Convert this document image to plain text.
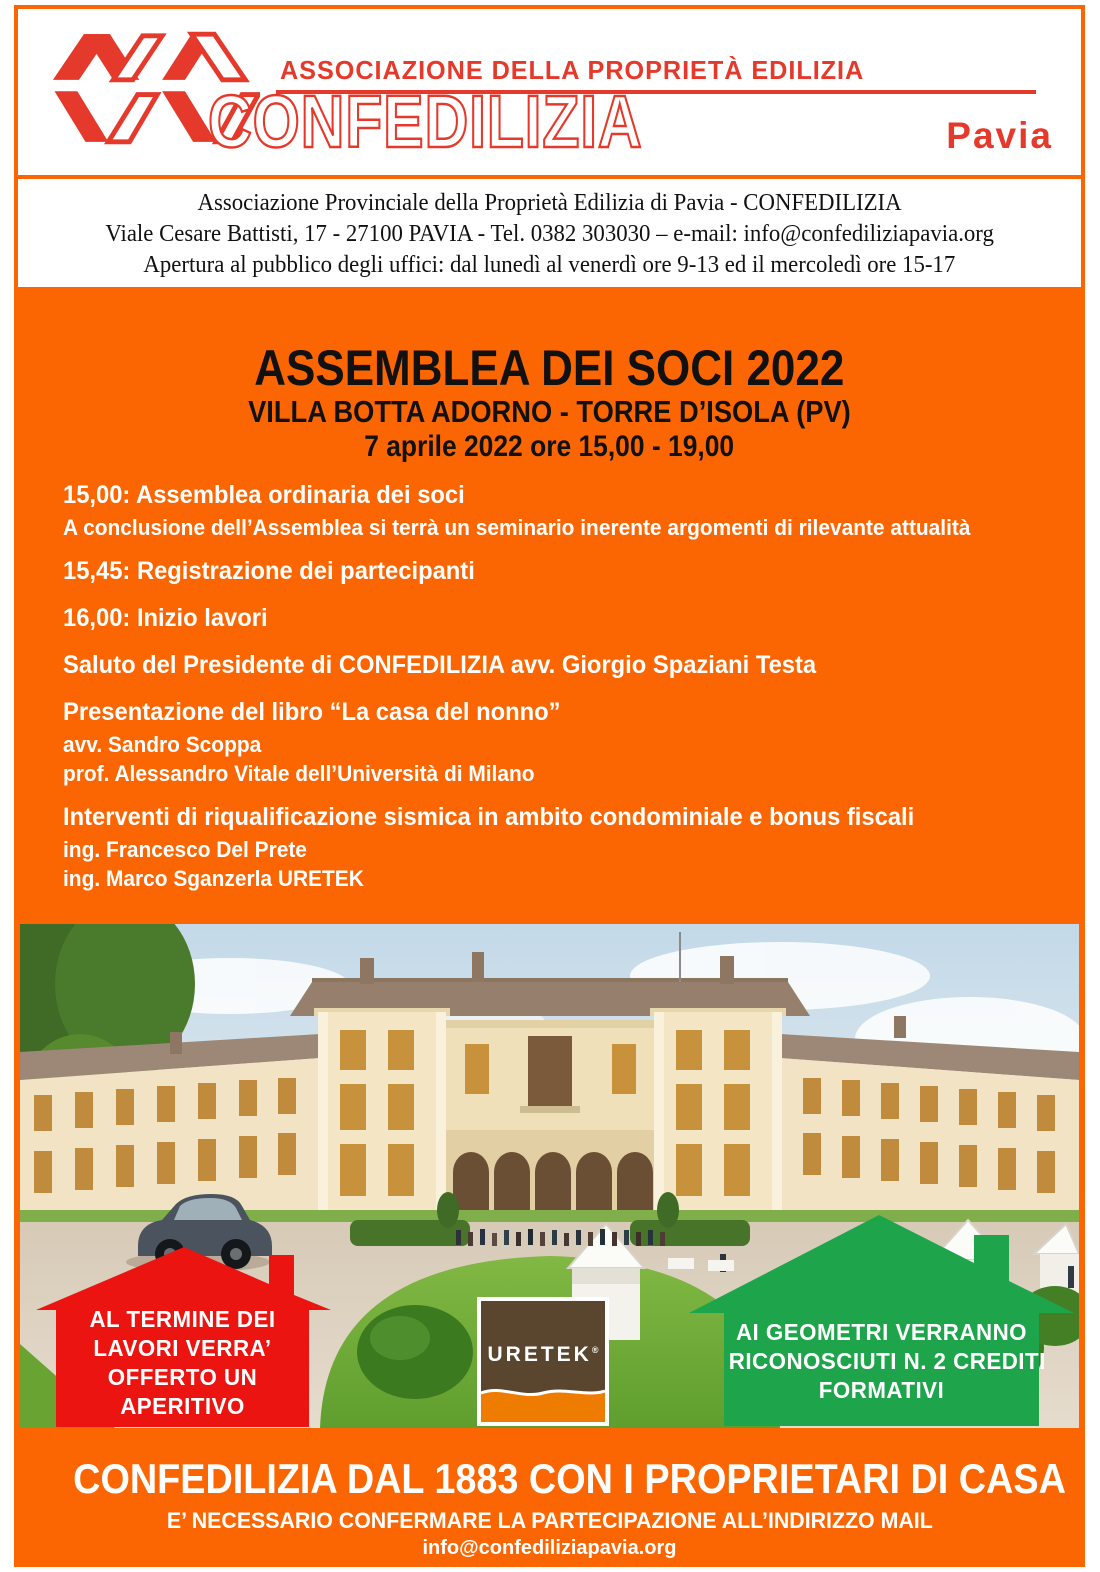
ASSOCIAZIONE DELLA PROPRIETÀ EDILIZIA
CONFEDILIZIA	Pavia
Associazione Provinciale della Proprietà Edilizia di Pavia - CONFEDILIZIA
Viale Cesare Battisti, 17 - 27100 PAVIA - Tel. 0382 303030 – e-mail: info@confediliziapavia.org
Apertura al pubblico degli uffici: dal lunedì al venerdì ore 9-13 ed il mercoledì ore 15-17
ASSEMBLEA DEI SOCI 2022
VILLA BOTTA ADORNO - TORRE D’ISOLA (PV)
7 aprile 2022 ore 15,00 - 19,00
15,00: Assemblea ordinaria dei soci
A conclusione dell’Assemblea si terrà un seminario inerente argomenti di rilevante attualità
15,45: Registrazione dei partecipanti
16,00: Inizio lavori
Saluto del Presidente di CONFEDILIZIA avv. Giorgio Spaziani Testa
Presentazione del libro “La casa del nonno”
avv. Sandro Scoppa
prof. Alessandro Vitale dell’Università di Milano
Interventi di riqualificazione sismica in ambito condominiale e bonus fiscali
ing. Francesco Del Prete
ing. Marco Sganzerla URETEK
AL TERMINE DEI
LAVORI VERRA’
OFFERTO UN
APERITIVO
AI GEOMETRI VERRANNO
RICONOSCIUTI N. 2 CREDITI
FORMATIVI
URETEK®
CONFEDILIZIA DAL 1883 CON I PROPRIETARI DI CASA
E’ NECESSARIO CONFERMARE LA PARTECIPAZIONE ALL’INDIRIZZO MAIL
info@confediliziapavia.org
